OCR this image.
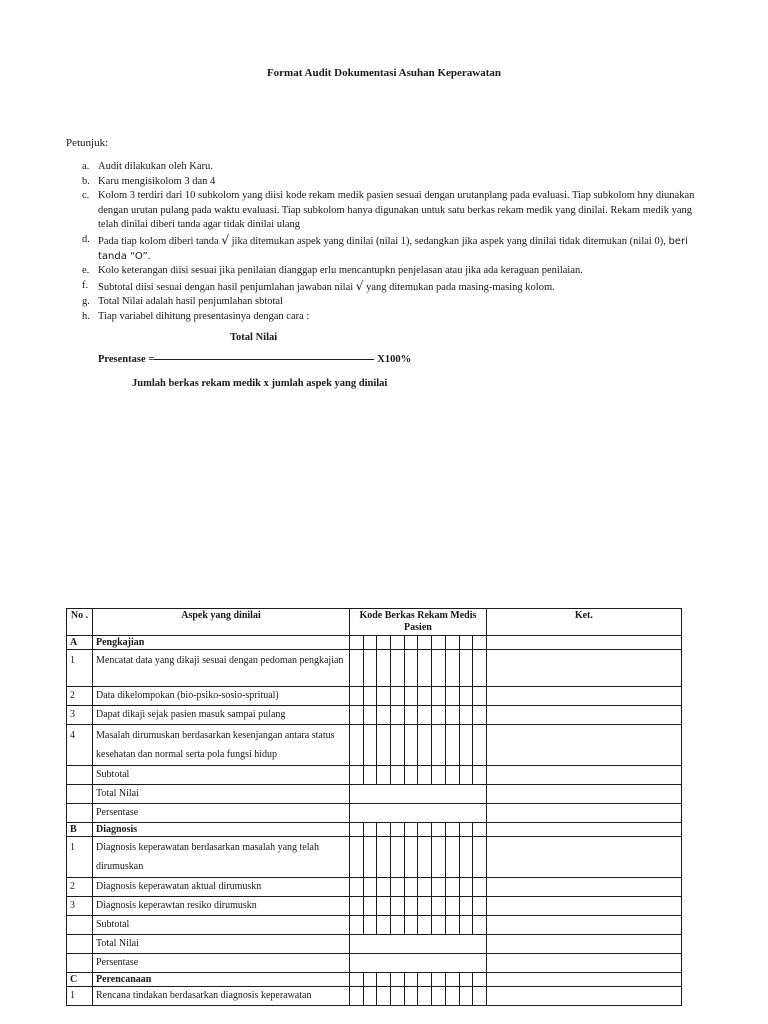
Format Audit Dokumentasi Asuhan Keperawatan
Petunjuk:
a. Audit dilakukan oleh Karu.
b. Karu mengisikolom 3 dan 4
c. Kolom 3 terdiri dari 10 subkolom yang diisi kode rekam medik pasien sesuai dengan urutanplang pada evaluasi. Tiap subkolom hny diunakan dengan urutan pulang pada waktu evaluasi. Tiap subkolom hanya digunakan untuk satu berkas rekam medik yang dinilai. Rekam medik yang telah dinilai diberi tanda agar tidak dinilai ulang
d. Pada tiap kolom diberi tanda √ jika ditemukan aspek yang dinilai (nilai 1), sedangkan jika aspek yang dinilai tidak ditemukan (nilai 0), beri tanda “O”.
e. Kolo keterangan diisi sesuai jika penilaian dianggap erlu mencantupkn penjelasan atau jika ada keraguan penilaian.
f. Subtotal diisi sesuai dengan hasil penjumlahan jawaban nilai √ yang ditemukan pada masing-masing kolom.
g. Total Nilai adalah hasil penjumlahan sbtotal
h. Tiap variabel dihitung presentasinya dengan cara :
Total Nilai
Presentase =	X100%
Jumlah berkas rekam medik x jumlah aspek yang dinilai
No .	Aspek yang dinilai	Kode Berkas Rekam Medis Pasien										Ket.
A	Pengkajian											
1	Mencatat data yang dikaji sesuai dengan pedoman pengkajian											
2	Data dikelompokan (bio-psiko-sosio-spritual)											
3	Dapat dikaji sejak pasien masuk sampai pulang											
4	Masalah dirumuskan berdasarkan kesenjangan antara status kesehatan dan normal serta pola fungsi hidup											
	Subtotal											
	Total Nilai											
	Persentase											
B	Diagnosis											
1	Diagnosis keperawatan berdasarkan masalah yang telah dirumuskan											
2	Diagnosis keperawatan aktual dirumuskn											
3	Diagnosis keperawtan resiko dirumuskn											
	Subtotal											
	Total Nilai											
	Persentase											
C	Perencanaan											
1	Rencana tindakan berdasarkan diagnosis keperawatan											
